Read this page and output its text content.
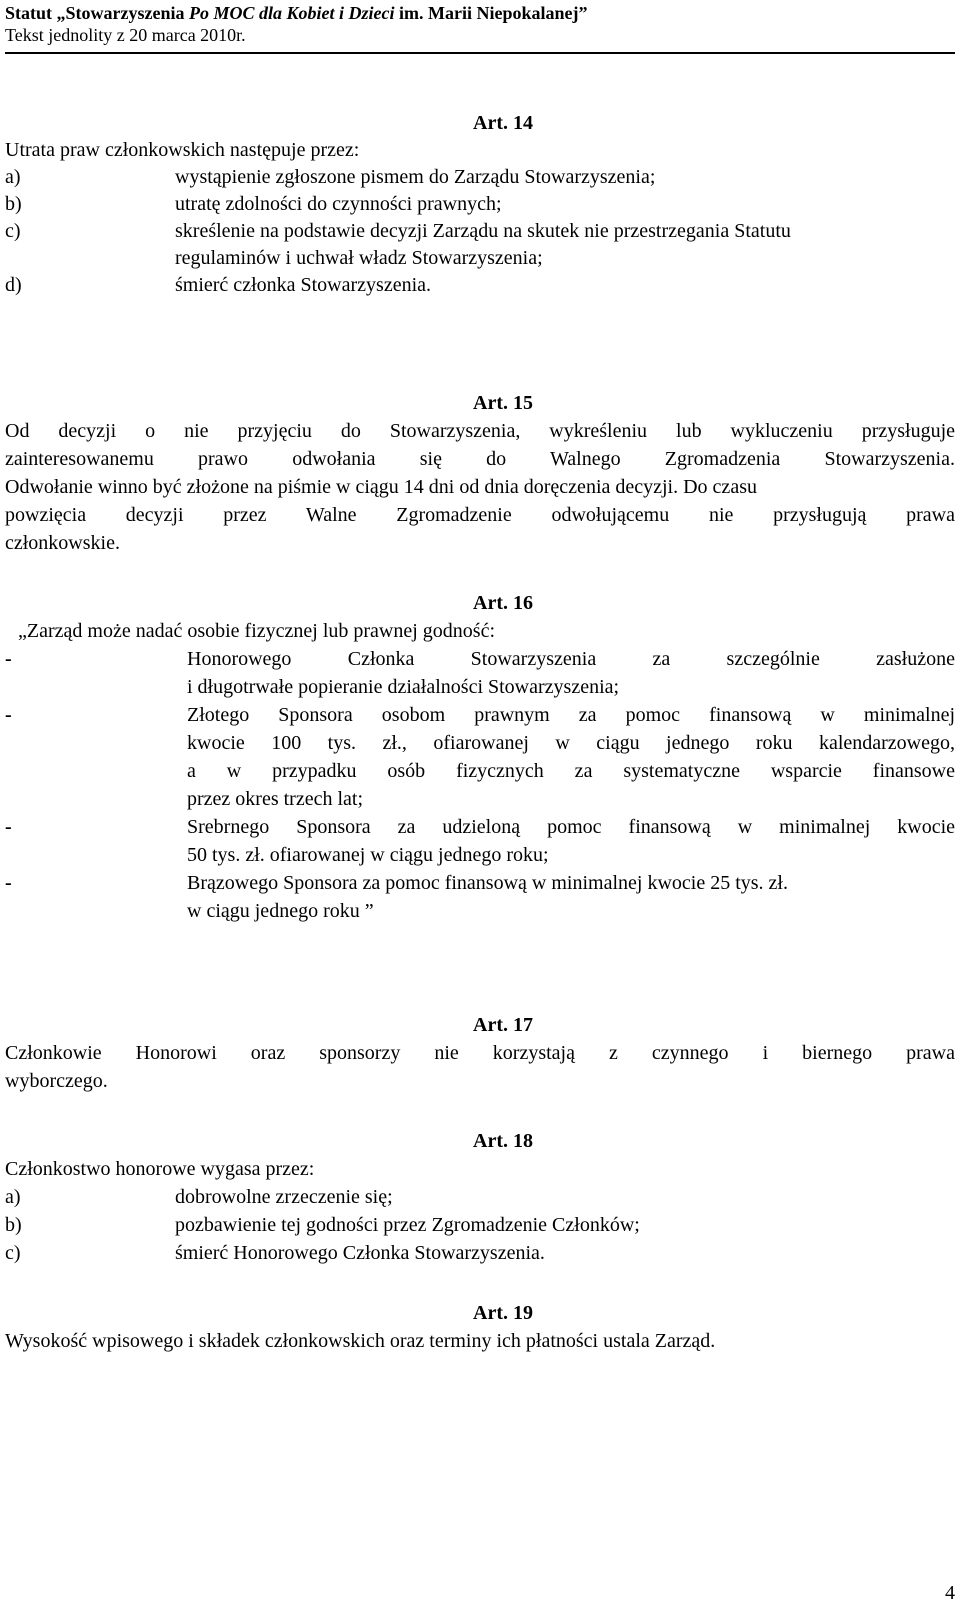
Statut „Stowarzyszenia Po MOC dla Kobiet i Dzieci im. Marii Niepokalanej”
Tekst jednolity z 20 marca 2010r.
Art. 14
Utrata praw członkowskich następuje przez:
a)	wystąpienie zgłoszone pismem do Zarządu Stowarzyszenia;
b)	utratę zdolności do czynności prawnych;
c)	skreślenie na podstawie decyzji Zarządu na skutek nie przestrzegania Statutu
regulaminów i uchwał władz Stowarzyszenia;
d)	śmierć członka Stowarzyszenia.
Art. 15
Od decyzji o nie przyjęciu do Stowarzyszenia, wykreśleniu lub wykluczeniu przysługuje
zainteresowanemu prawo odwołania się do Walnego Zgromadzenia Stowarzyszenia.
Odwołanie winno być złożone na piśmie w ciągu 14 dni od dnia doręczenia decyzji. Do czasu
powzięcia decyzji przez Walne Zgromadzenie odwołującemu nie przysługują prawa
członkowskie.
Art. 16
„Zarząd może nadać osobie fizycznej lub prawnej godność:
-	Honorowego Członka Stowarzyszenia za szczególnie zasłużone
i długotrwałe popieranie działalności Stowarzyszenia;
-	Złotego Sponsora osobom prawnym za pomoc finansową w minimalnej
kwocie 100 tys. zł., ofiarowanej w ciągu jednego roku kalendarzowego,
a w przypadku osób fizycznych za systematyczne wsparcie finansowe
przez okres trzech lat;
-	Srebrnego Sponsora za udzieloną pomoc finansową w minimalnej kwocie
50 tys. zł. ofiarowanej w ciągu jednego roku;
-	Brązowego Sponsora za pomoc finansową w minimalnej kwocie 25 tys. zł.
w ciągu jednego roku ”
Art. 17
Członkowie Honorowi oraz sponsorzy nie korzystają z czynnego i biernego prawa
wyborczego.
Art. 18
Członkostwo honorowe wygasa przez:
a)	dobrowolne zrzeczenie się;
b)	pozbawienie tej godności przez Zgromadzenie Członków;
c)	śmierć Honorowego Członka Stowarzyszenia.
Art. 19
Wysokość wpisowego i składek członkowskich oraz terminy ich płatności ustala Zarząd.
4
